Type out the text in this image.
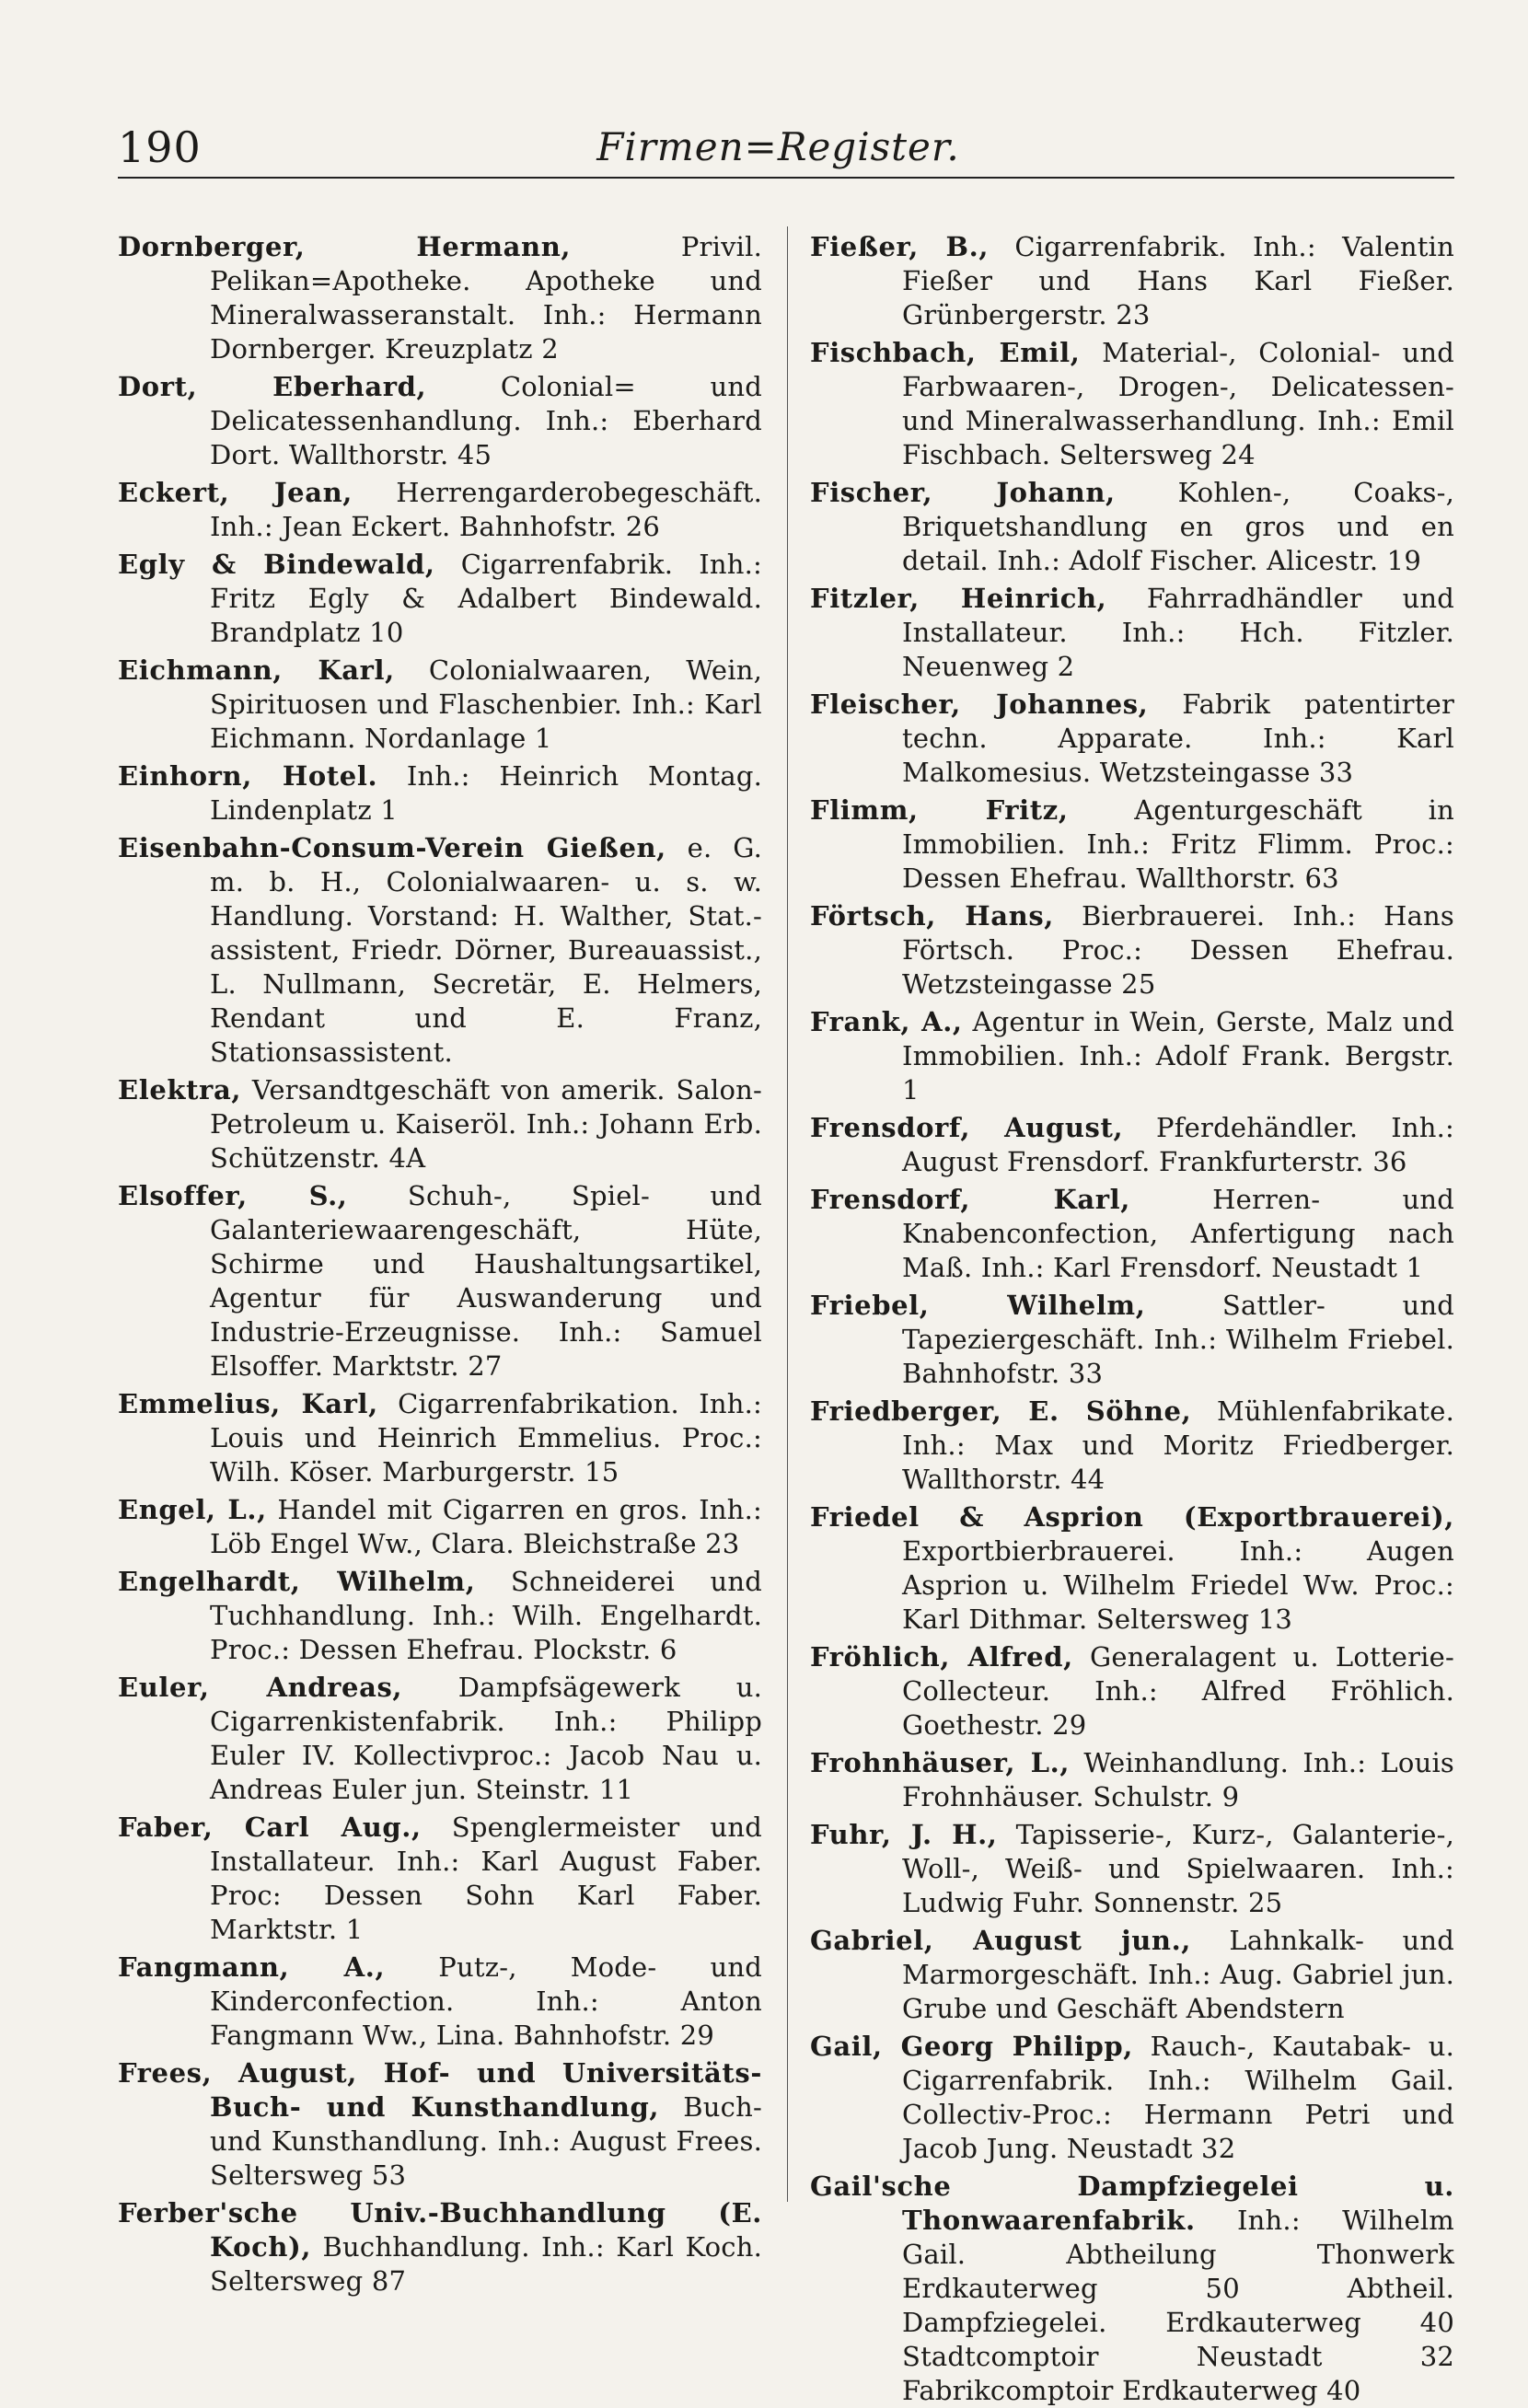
190	Firmen=Register.

Dornberger, Hermann,	Privil. Pelikan=Apotheke. Apotheke und Mineralwasseranstalt. Inh.: Hermann Dornberger. Kreuzplatz 2

Dort, Eberhard,	Colonial= und Delicatessenhandlung. Inh.: Eberhard Dort. Wallthorstr. 45

Eckert, Jean, Herrengarderobegeschäft. Inh.: Jean Eckert. Bahnhofstr. 26

Egly & Bindewald, Cigarrenfabrik. Inh.: Fritz Egly & Adalbert Bindewald. Brandplatz 10

Eichmann, Karl, Colonialwaaren, Wein, Spirituosen und Flaschenbier. Inh.: Karl Eichmann. Nordanlage 1

Einhorn, Hotel. Inh.: Heinrich Montag. Lindenplatz 1

Eisenbahn-Consum-Verein Gießen, e. G. m. b. H., Colonialwaaren- u. s. w. Handlung. Vorstand: H. Walther, Stat.-assistent, Friedr. Dörner, Bureauassist., L. Nullmann, Secretär, E. Helmers, Rendant und E. Franz, Stationsassistent.

Elektra, Versandtgeschäft von amerik. Salon-Petroleum u. Kaiseröl. Inh.: Johann Erb. Schützenstr. 4A

Elsoffer, S., Schuh-, Spiel- und Galanteriewaarengeschäft, Hüte, Schirme und Haushaltungsartikel, Agentur für Auswanderung und Industrie-Erzeugnisse. Inh.: Samuel Elsoffer. Marktstr. 27

Emmelius, Karl, Cigarrenfabrikation. Inh.: Louis und Heinrich Emmelius. Proc.: Wilh. Köser. Marburgerstr. 15

Engel, L., Handel mit Cigarren en gros. Inh.: Löb Engel Ww., Clara. Bleichstraße 23

Engelhardt, Wilhelm, Schneiderei und Tuchhandlung. Inh.: Wilh. Engelhardt. Proc.: Dessen Ehefrau. Plockstr. 6

Euler, Andreas, Dampfsägewerk u. Cigarrenkistenfabrik. Inh.: Philipp Euler IV. Kollectivproc.: Jacob Nau u. Andreas Euler jun. Steinstr. 11

Faber, Carl Aug., Spenglermeister und Installateur. Inh.: Karl August Faber. Proc: Dessen Sohn Karl Faber. Marktstr. 1

Fangmann, A., Putz-, Mode- und Kinderconfection. Inh.: Anton Fangmann Ww., Lina. Bahnhofstr. 29

Frees, August, Hof- und Universitäts-Buch- und Kunsthandlung, Buch- und Kunsthandlung. Inh.: August Frees. Seltersweg 53

Ferber'sche Univ.-Buchhandlung (E. Koch), Buchhandlung. Inh.: Karl Koch. Seltersweg 87

Fießer, B., Cigarrenfabrik. Inh.: Valentin Fießer und Hans Karl Fießer. Grünbergerstr. 23

Fischbach, Emil, Material-, Colonial- und Farbwaaren-, Drogen-, Delicatessen- und Mineralwasserhandlung. Inh.: Emil Fischbach. Seltersweg 24

Fischer, Johann, Kohlen-, Coaks-, Briquetshandlung en gros und en detail. Inh.: Adolf Fischer. Alicestr. 19

Fitzler, Heinrich, Fahrradhändler und Installateur. Inh.: Hch. Fitzler. Neuenweg 2

Fleischer, Johannes, Fabrik patentirter techn. Apparate. Inh.: Karl Malkomesius. Wetzsteingasse 33

Flimm, Fritz, Agenturgeschäft in Immobilien. Inh.: Fritz Flimm. Proc.: Dessen Ehefrau. Wallthorstr. 63

Förtsch, Hans, Bierbrauerei. Inh.: Hans Förtsch. Proc.: Dessen Ehefrau. Wetzsteingasse 25

Frank, A., Agentur in Wein, Gerste, Malz und Immobilien. Inh.: Adolf Frank. Bergstr. 1

Frensdorf, August, Pferdehändler. Inh.: August Frensdorf. Frankfurterstr. 36

Frensdorf, Karl,	Herren- und Knabenconfection, Anfertigung nach Maß. Inh.: Karl Frensdorf. Neustadt 1

Friebel, Wilhelm,	Sattler- und Tapeziergeschäft. Inh.: Wilhelm Friebel. Bahnhofstr. 33

Friedberger, E. Söhne, Mühlenfabrikate. Inh.: Max und Moritz Friedberger. Wallthorstr. 44

Friedel & Asprion (Exportbrauerei), Exportbierbrauerei. Inh.: Augen Asprion u. Wilhelm Friedel Ww. Proc.: Karl Dithmar. Seltersweg 13

Fröhlich, Alfred, Generalagent u. Lotterie-Collecteur. Inh.: Alfred Fröhlich. Goethestr. 29

Frohnhäuser, L., Weinhandlung. Inh.: Louis Frohnhäuser. Schulstr. 9

Fuhr, J. H., Tapisserie-, Kurz-, Galanterie-, Woll-, Weiß- und Spielwaaren. Inh.: Ludwig Fuhr. Sonnenstr. 25

Gabriel, August jun., Lahnkalk- und Marmorgeschäft. Inh.: Aug. Gabriel jun. Grube und Geschäft Abendstern

Gail, Georg Philipp, Rauch-, Kautabak- u. Cigarrenfabrik. Inh.: Wilhelm Gail. Collectiv-Proc.: Hermann Petri und Jacob Jung. Neustadt 32

Gail'sche Dampfziegelei u. Thonwaarenfabrik. Inh.: Wilhelm Gail. Abtheilung Thonwerk Erdkauterweg 50 Abtheil. Dampfziegelei. Erdkauterweg 40 Stadtcomptoir Neustadt 32 Fabrikcomptoir Erdkauterweg 40
